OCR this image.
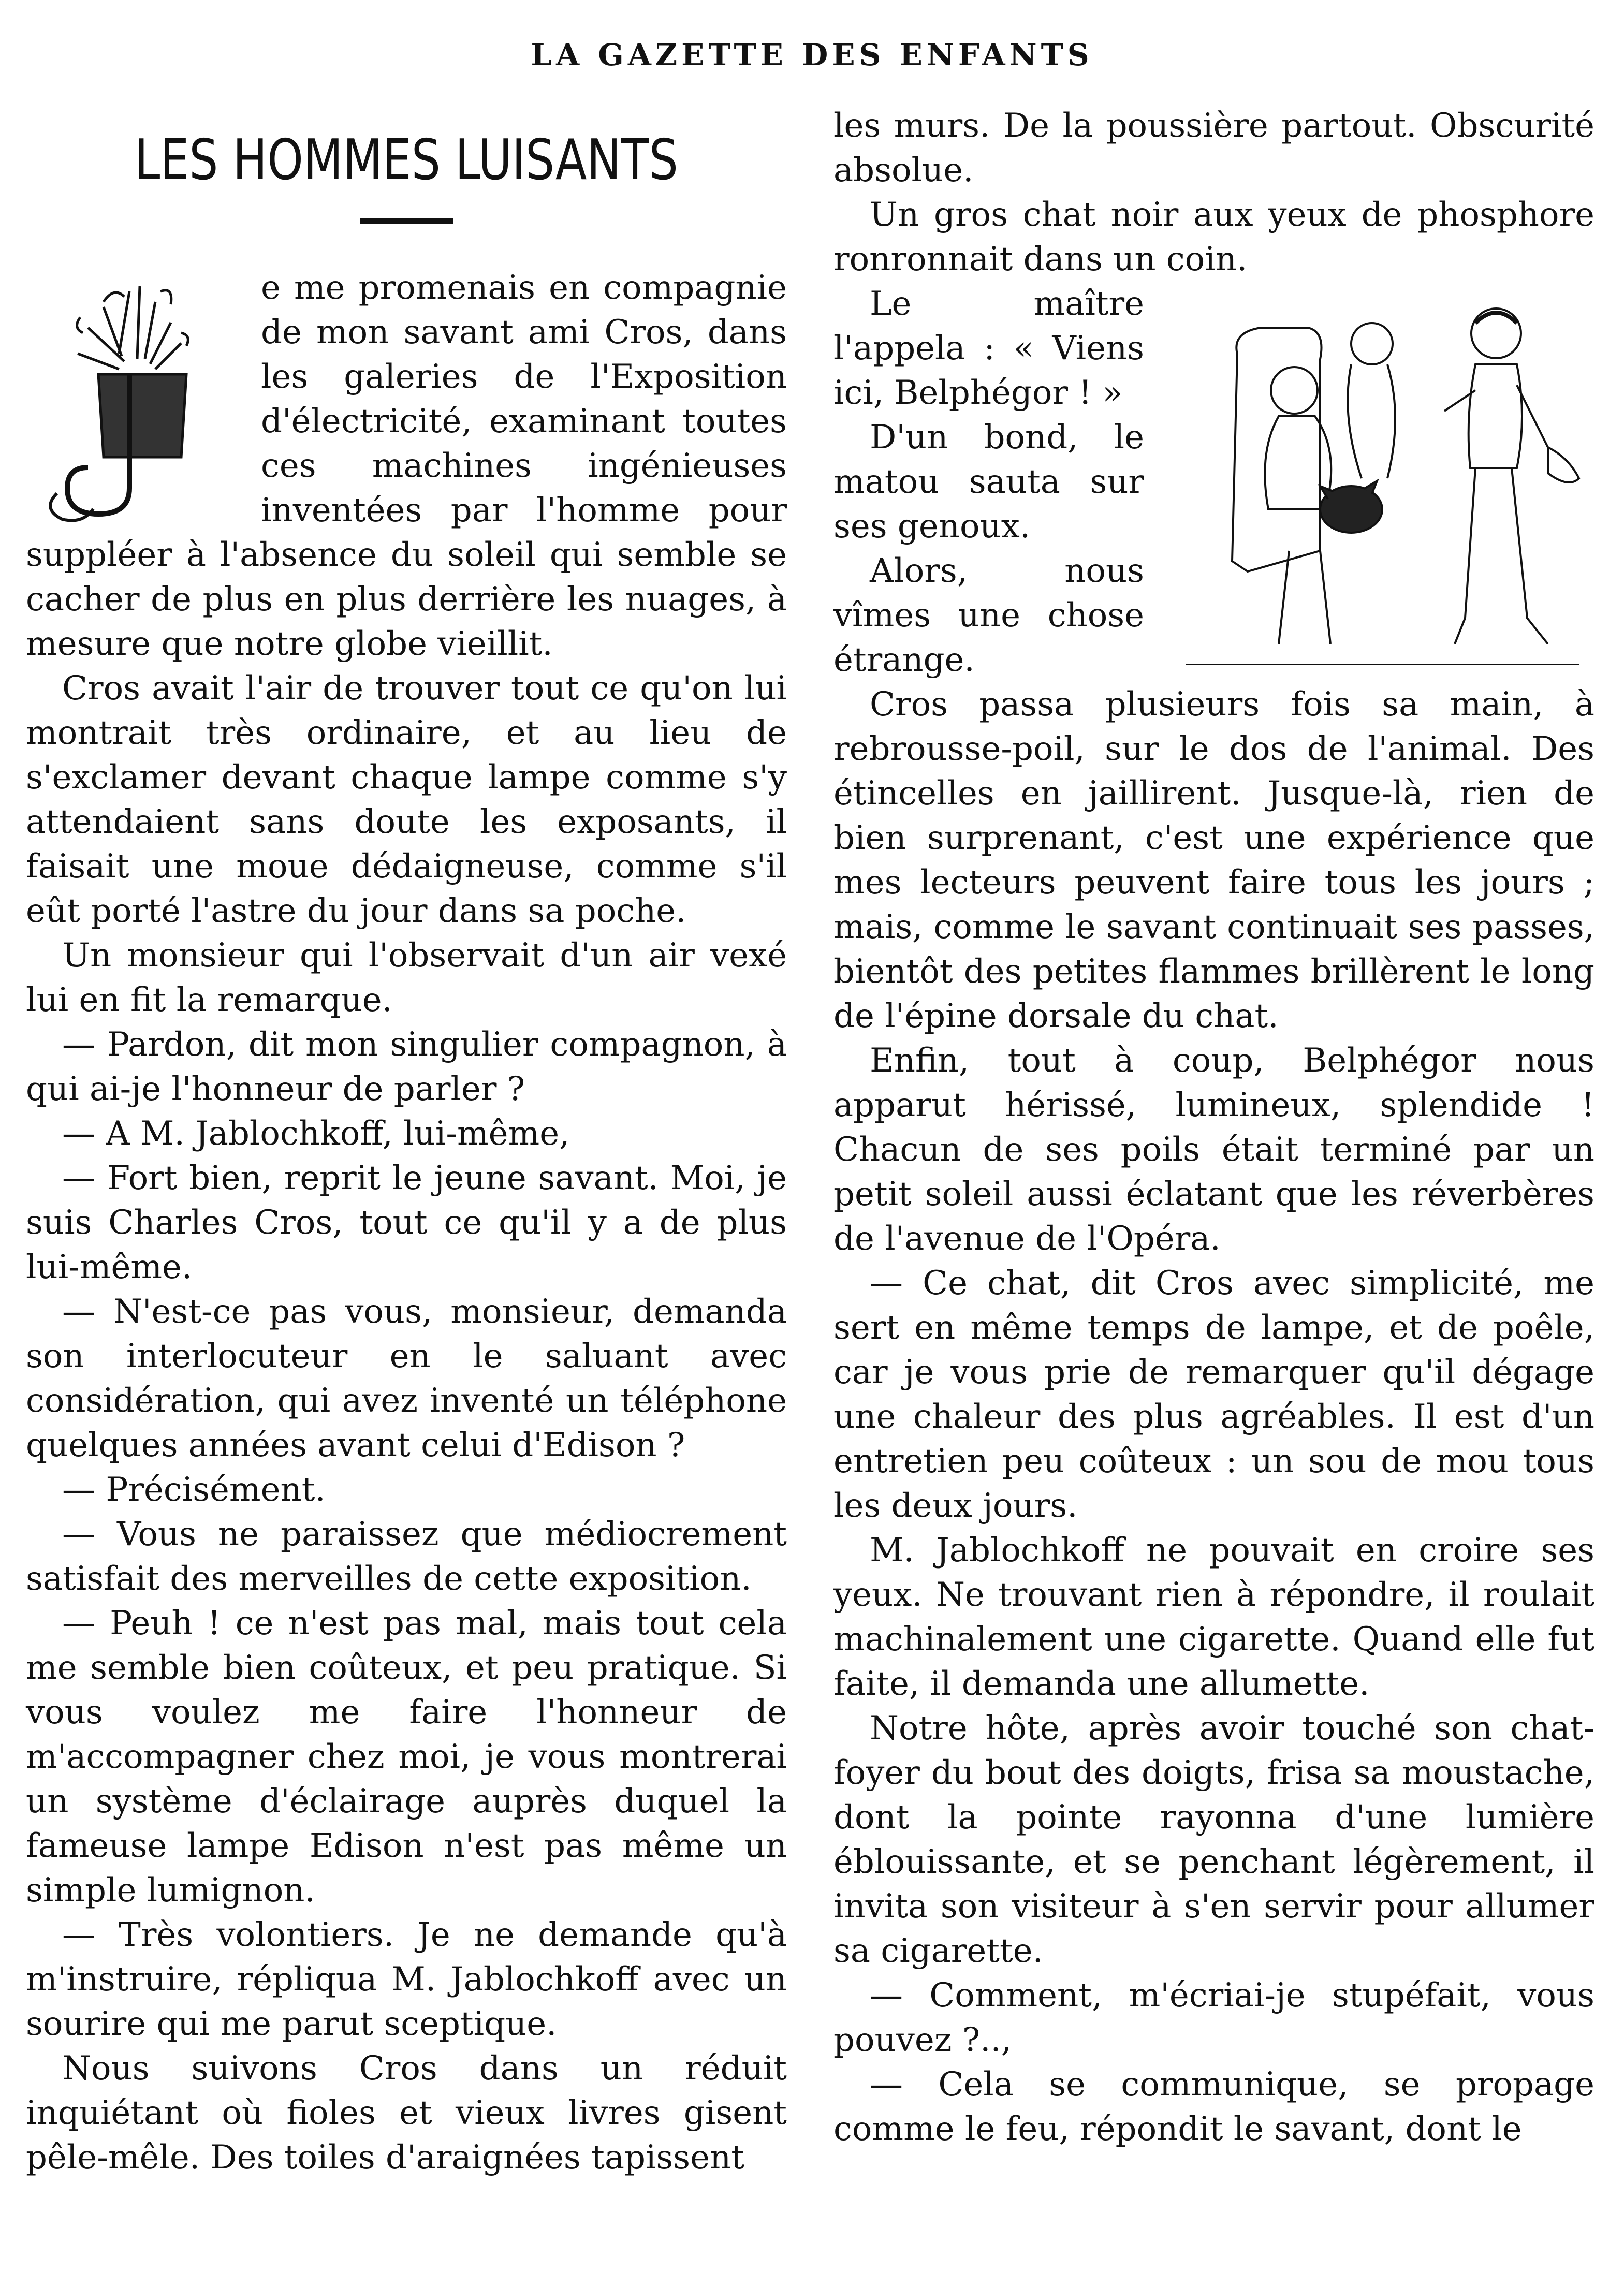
LA GAZETTE DES ENFANTS
LES HOMMES LUISANTS

e me promenais en compagnie de mon savant ami Cros, dans les galeries de l'Exposition d'électricité, examinant toutes ces machines ingénieuses inventées par l'homme pour suppléer à l'absence du soleil qui semble se cacher de plus en plus derrière les nuages, à mesure que notre globe vieillit.

Cros avait l'air de trouver tout ce qu'on lui montrait très ordinaire, et au lieu de s'exclamer devant chaque lampe comme s'y attendaient sans doute les exposants, il faisait une moue dédaigneuse, comme s'il eût porté l'astre du jour dans sa poche.

Un monsieur qui l'observait d'un air vexé lui en fit la remarque.

— Pardon, dit mon singulier compagnon, à qui ai-je l'honneur de parler ?

— A M. Jablochkoff, lui-même,

— Fort bien, reprit le jeune savant. Moi, je suis Charles Cros, tout ce qu'il y a de plus lui-même.

— N'est-ce pas vous, monsieur, demanda son interlocuteur en le saluant avec considération, qui avez inventé un téléphone quelques années avant celui d'Edison ?

— Précisément.

— Vous ne paraissez que médiocrement satisfait des merveilles de cette exposition.

— Peuh ! ce n'est pas mal, mais tout cela me semble bien coûteux, et peu pratique. Si vous voulez me faire l'honneur de m'accompagner chez moi, je vous montrerai un système d'éclairage auprès duquel la fameuse lampe Edison n'est pas même un simple lumignon.

— Très volontiers. Je ne demande qu'à m'instruire, répliqua M. Jablochkoff avec un sourire qui me parut sceptique.

Nous suivons Cros dans un réduit inquiétant où fioles et vieux livres gisent pêle-mêle. Des toiles d'araignées tapissent

les murs. De la poussière partout. Obscurité absolue.

Un gros chat noir aux yeux de phosphore ronronnait dans un coin.

Le maître l'appela : « Viens ici, Belphégor ! »

D'un bond, le matou sauta sur ses genoux.

Alors, nous vîmes une chose étrange.

Cros passa plusieurs fois sa main, à rebrousse-poil, sur le dos de l'animal. Des étincelles en jaillirent. Jusque-là, rien de bien surprenant, c'est une expérience que mes lecteurs peuvent faire tous les jours ; mais, comme le savant continuait ses passes, bientôt des petites flammes brillèrent le long de l'épine dorsale du chat.

Enfin, tout à coup, Belphégor nous apparut hérissé, lumineux, splendide ! Chacun de ses poils était terminé par un petit soleil aussi éclatant que les réverbères de l'avenue de l'Opéra.

— Ce chat, dit Cros avec simplicité, me sert en même temps de lampe, et de poêle, car je vous prie de remarquer qu'il dégage une chaleur des plus agréables. Il est d'un entretien peu coûteux : un sou de mou tous les deux jours.

M. Jablochkoff ne pouvait en croire ses yeux. Ne trouvant rien à répondre, il roulait machinalement une cigarette. Quand elle fut faite, il demanda une allumette.

Notre hôte, après avoir touché son chat-foyer du bout des doigts, frisa sa moustache, dont la pointe rayonna d'une lumière éblouissante, et se penchant légèrement, il invita son visiteur à s'en servir pour allumer sa cigarette.

— Comment, m'écriai-je stupéfait, vous pouvez ?..,

— Cela se communique, se propage comme le feu, répondit le savant, dont le
